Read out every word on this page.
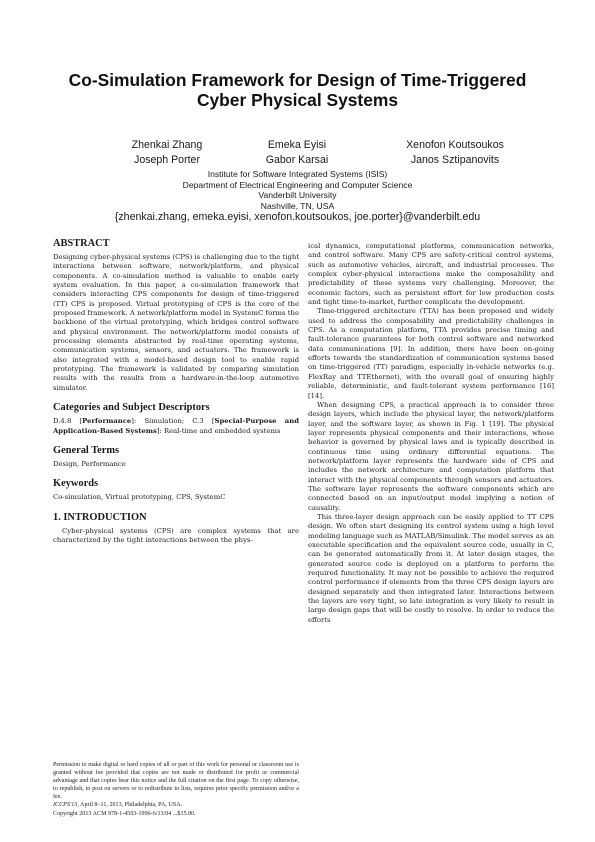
Co-Simulation Framework for Design of Time-Triggered
Cyber Physical Systems
Zhenkai Zhang	Emeka Eyisi	Xenofon Koutsoukos
Joseph Porter	Gabor Karsai	Janos Sztipanovits
Institute for Software Integrated Systems (ISIS)
Department of Electrical Engineering and Computer Science
Vanderbilt University
Nashville, TN, USA
{zhenkai.zhang, emeka.eyisi, xenofon.koutsoukos, joe.porter}@vanderbilt.edu
ABSTRACT

Designing cyber-physical systems (CPS) is challenging due to the tight interactions between software, network/platform, and physical components. A co-simulation method is valuable to enable early system evaluation. In this paper, a co-simulation framework that considers interacting CPS components for design of time-triggered (TT) CPS is proposed. Virtual prototyping of CPS is the core of the proposed framework. A network/platform model in SystemC forms the backbone of the virtual prototyping, which bridges control software and physical environment. The network/platform model consists of processing elements abstracted by real-time operating systems, communication systems, sensors, and actuators. The framework is also integrated with a model-based design tool to enable rapid prototyping. The framework is validated by comparing simulation results with the results from a hardware-in-the-loop automotive simulator.

Categories and Subject Descriptors

D.4.8 [Performance]: Simulation; C.3 [Special-Purpose and Application-Based Systems]: Real-time and embedded systems

General Terms

Design, Performance

Keywords

Co-simulation, Virtual prototyping, CPS, SystemC

1. INTRODUCTION

Cyber-physical systems (CPS) are complex systems that are characterized by the tight interactions between the phys-

ical dynamics, computational platforms, communication networks, and control software. Many CPS are safety-critical control systems, such as automotive vehicles, aircraft, and industrial processes. The complex cyber-physical interactions make the composability and predictability of these systems very challenging. Moreover, the economic factors, such as persistent effort for low production costs and tight time-to-market, further complicate the development.

Time-triggered architecture (TTA) has been proposed and widely used to address the composability and predictability challenges in CPS. As a computation platform, TTA provides precise timing and fault-tolerance guarantees for both control software and networked data communications [9]. In addition, there have been on-going efforts towards the standardization of communication systems based on time-triggered (TT) paradigm, especially in-vehicle networks (e.g. FlexRay and TTEthernet), with the overall goal of ensuring highly reliable, deterministic, and fault-tolerant system performance [16] [14].

When designing CPS, a practical approach is to consider three design layers, which include the physical layer, the network/platform layer, and the software layer, as shown in Fig. 1 [19]. The physical layer represents physical components and their interactions, whose behavior is governed by physical laws and is typically described in continuous time using ordinary differential equations. The network/platform layer represents the hardware side of CPS and includes the network architecture and computation platform that interact with the physical components through sensors and actuators. The software layer represents the software components which are connected based on an input/output model implying a notion of causality.

This three-layer design approach can be easily applied to TT CPS design. We often start designing its control system using a high level modeling language such as MATLAB/Simulink. The model serves as an executable specification and the equivalent source code, usually in C, can be generated automatically from it. At later design stages, the generated source code is deployed on a platform to perform the required functionality. It may not be possible to achieve the required control performance if elements from the three CPS design layers are designed separately and then integrated later. Interactions between the layers are very tight, so late integration is very likely to result in large design gaps that will be costly to resolve. In order to reduce the efforts

Permission to make digital or hard copies of all or part of this work for personal or classroom use is granted without fee provided that copies are not made or distributed for profit or commercial advantage and that copies bear this notice and the full citation on the first page. To copy otherwise, to republish, to post on servers or to redistribute to lists, requires prior specific permission and/or a fee.

ICCPS'13, April 8–11, 2013, Philadelphia, PA, USA.

Copyright 2013 ACM 978-1-4503-1996-6/13/04 ...$15.00.
